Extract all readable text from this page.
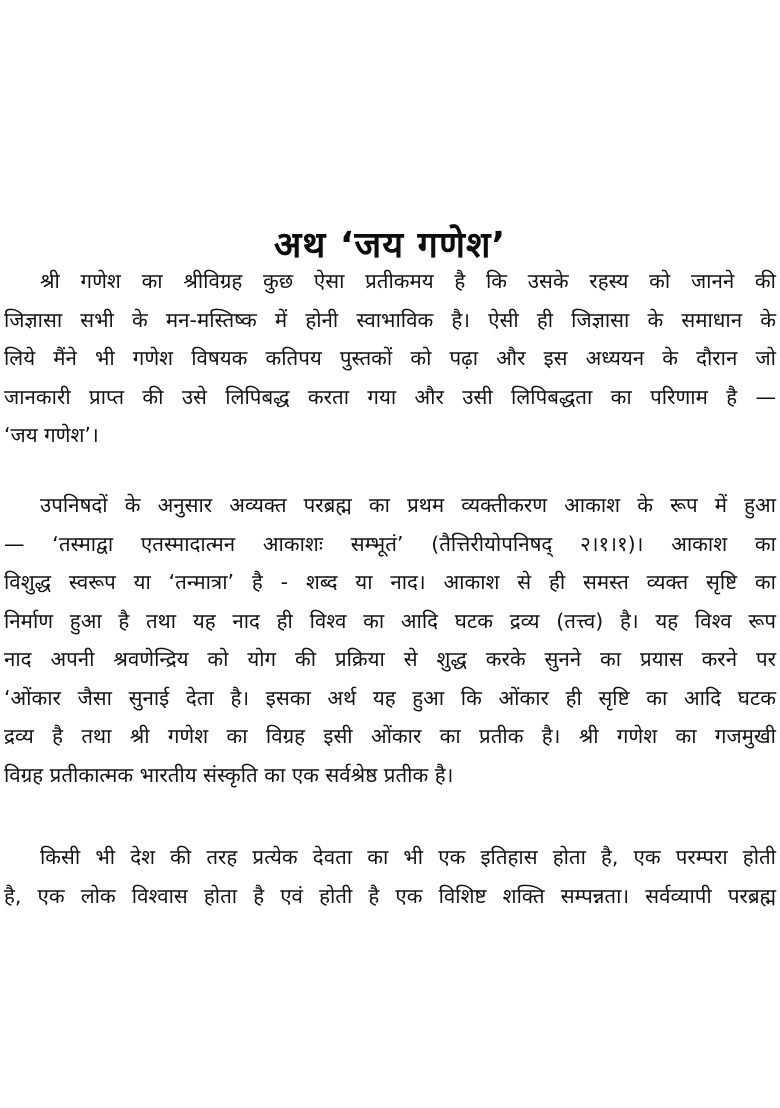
अथ ‘जय गणेश’
श्री गणेश का श्रीविग्रह कुछ ऐसा प्रतीकमय है कि उसके रहस्य को जानने की
जिज्ञासा सभी के मन-मस्तिष्क में होनी स्वाभाविक है। ऐसी ही जिज्ञासा के समाधान के
लिये मैंने भी गणेश विषयक कतिपय पुस्तकों को पढ़ा और इस अध्ययन के दौरान जो
जानकारी प्राप्त की उसे लिपिबद्ध करता गया और उसी लिपिबद्धता का परिणाम है —
‘जय गणेश’।
उपनिषदों के अनुसार अव्यक्त परब्रह्म का प्रथम व्यक्तीकरण आकाश के रूप में हुआ
— ‘तस्माद्वा एतस्मादात्मन आकाशः सम्भूतं’ (तैत्तिरीयोपनिषद् २।१।१)। आकाश का
विशुद्ध स्वरूप या ‘तन्मात्रा’ है - शब्द या नाद। आकाश से ही समस्त व्यक्त सृष्टि का
निर्माण हुआ है तथा यह नाद ही विश्व का आदि घटक द्रव्य (तत्त्व) है। यह विश्व रूप
नाद अपनी श्रवणेन्द्रिय को योग की प्रक्रिया से शुद्ध करके सुनने का प्रयास करने पर
‘ओंकार जैसा सुनाई देता है। इसका अर्थ यह हुआ कि ओंकार ही सृष्टि का आदि घटक
द्रव्य है तथा श्री गणेश का विग्रह इसी ओंकार का प्रतीक है। श्री गणेश का गजमुखी
विग्रह प्रतीकात्मक भारतीय संस्कृति का एक सर्वश्रेष्ठ प्रतीक है।
किसी भी देश की तरह प्रत्येक देवता का भी एक इतिहास होता है, एक परम्परा होती
है, एक लोक विश्वास होता है एवं होती है एक विशिष्ट शक्ति सम्पन्नता। सर्वव्यापी परब्रह्म
